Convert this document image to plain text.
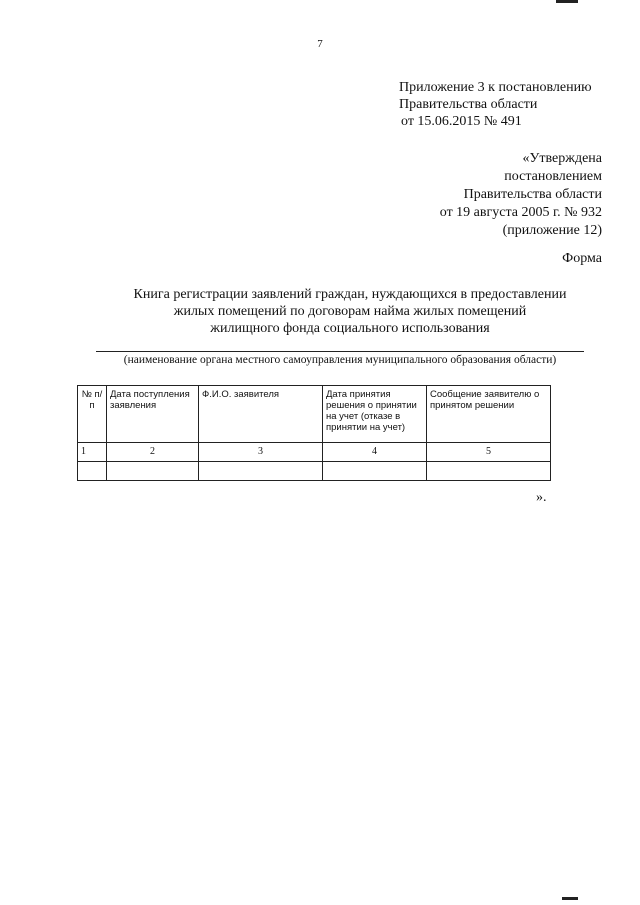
7
Приложение 3 к постановлению
Правительства области
от 15.06.2015 № 491
«Утверждена
постановлением
Правительства области
от 19 августа 2005 г. № 932
(приложение 12)
Форма
Книга регистрации заявлений граждан, нуждающихся в предоставлении
жилых помещений по договорам найма жилых помещений
жилищного фонда социального использования
(наименование органа местного самоуправления муниципального образования области)
№ п/п	Дата поступления заявления	Ф.И.О. заявителя	Дата принятия решения о принятии на учет (отказе в принятии на учет)	Сообщение заявителю о принятом решении
1	2	3	4	5

».
